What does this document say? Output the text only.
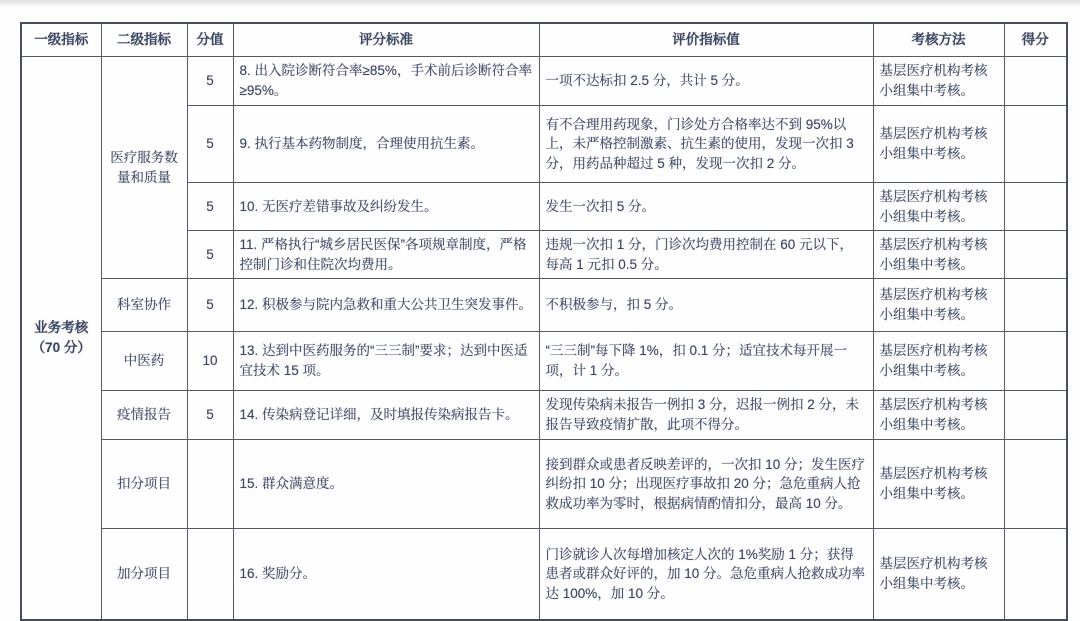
一级指标	二级指标	分值	评分标准	评价指标值	考核方法	得分

业务考核
（70 分）	医疗服务数量和质量	5	8. 出入院诊断符合率≥85%，手术前后诊断符合率≥95%。	一项不达标扣 2.5 分，共计 5 分。	基层医疗机构考核小组集中考核。	
		5	9. 执行基本药物制度，合理使用抗生素。	有不合理用药现象，门诊处方合格率达不到 95%以上，未严格控制激素、抗生素的使用，发现一次扣 3 分，用药品种超过 5 种，发现一次扣 2 分。	基层医疗机构考核小组集中考核。	
		5	10. 无医疗差错事故及纠纷发生。	发生一次扣 5 分。	基层医疗机构考核小组集中考核。	
		5	11. 严格执行“城乡居民医保”各项规章制度，严格控制门诊和住院次均费用。	违规一次扣 1 分，门诊次均费用控制在 60 元以下，每高 1 元扣 0.5 分。	基层医疗机构考核小组集中考核。	
	科室协作	5	12. 积极参与院内急救和重大公共卫生突发事件。	不积极参与，扣 5 分。	基层医疗机构考核小组集中考核。	
	中医药	10	13. 达到中医药服务的“三三制”要求；达到中医适宜技术 15 项。	“三三制”每下降 1%，扣 0.1 分；适宜技术每开展一项，计 1 分。	基层医疗机构考核小组集中考核。	
	疫情报告	5	14. 传染病登记详细，及时填报传染病报告卡。	发现传染病未报告一例扣 3 分，迟报一例扣 2 分，未报告导致疫情扩散，此项不得分。	基层医疗机构考核小组集中考核。	
	扣分项目		15. 群众满意度。	接到群众或患者反映差评的，一次扣 10 分；发生医疗纠纷扣 10 分；出现医疗事故扣 20 分；急危重病人抢救成功率为零时，根据病情酌情扣分，最高 10 分。	基层医疗机构考核小组集中考核。	
	加分项目		16. 奖励分。	门诊就诊人次每增加核定人次的 1%奖励 1 分；获得患者或群众好评的，加 10 分。急危重病人抢救成功率达 100%，加 10 分。	基层医疗机构考核小组集中考核。	
